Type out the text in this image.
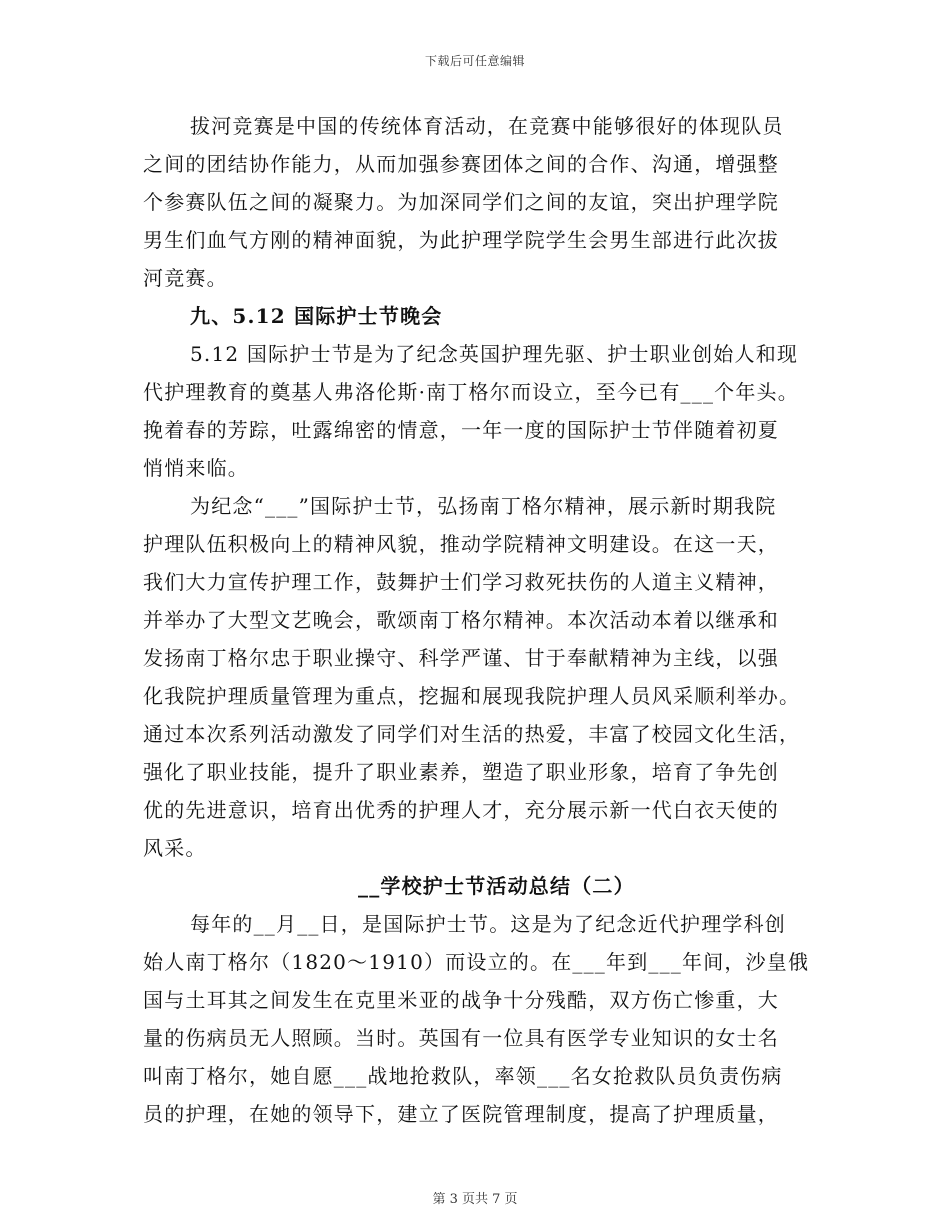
下载后可任意编辑
拔河竞赛是中国的传统体育活动，在竞赛中能够很好的体现队员
之间的团结协作能力，从而加强参赛团体之间的合作、沟通，增强整
个参赛队伍之间的凝聚力。为加深同学们之间的友谊，突出护理学院
男生们血气方刚的精神面貌，为此护理学院学生会男生部进行此次拔
河竞赛。
九、5.12 国际护士节晚会
5.12 国际护士节是为了纪念英国护理先驱、护士职业创始人和现
代护理教育的奠基人弗洛伦斯·南丁格尔而设立，至今已有___个年头。
挽着春的芳踪，吐露绵密的情意，一年一度的国际护士节伴随着初夏
悄悄来临。
为纪念“___”国际护士节，弘扬南丁格尔精神，展示新时期我院
护理队伍积极向上的精神风貌，推动学院精神文明建设。在这一天，
我们大力宣传护理工作，鼓舞护士们学习救死扶伤的人道主义精神，
并举办了大型文艺晚会，歌颂南丁格尔精神。本次活动本着以继承和
发扬南丁格尔忠于职业操守、科学严谨、甘于奉献精神为主线，以强
化我院护理质量管理为重点，挖掘和展现我院护理人员风采顺利举办。
通过本次系列活动激发了同学们对生活的热爱，丰富了校园文化生活，
强化了职业技能，提升了职业素养，塑造了职业形象，培育了争先创
优的先进意识，培育出优秀的护理人才，充分展示新一代白衣天使的
风采。
__学校护士节活动总结（二）
每年的__月__日，是国际护士节。这是为了纪念近代护理学科创
始人南丁格尔（1820～1910）而设立的。在___年到___年间，沙皇俄
国与土耳其之间发生在克里米亚的战争十分残酷，双方伤亡惨重，大
量的伤病员无人照顾。当时。英国有一位具有医学专业知识的女士名
叫南丁格尔，她自愿___战地抢救队，率领___名女抢救队员负责伤病
员的护理，在她的领导下，建立了医院管理制度，提高了护理质量，
第 3 页共 7 页
